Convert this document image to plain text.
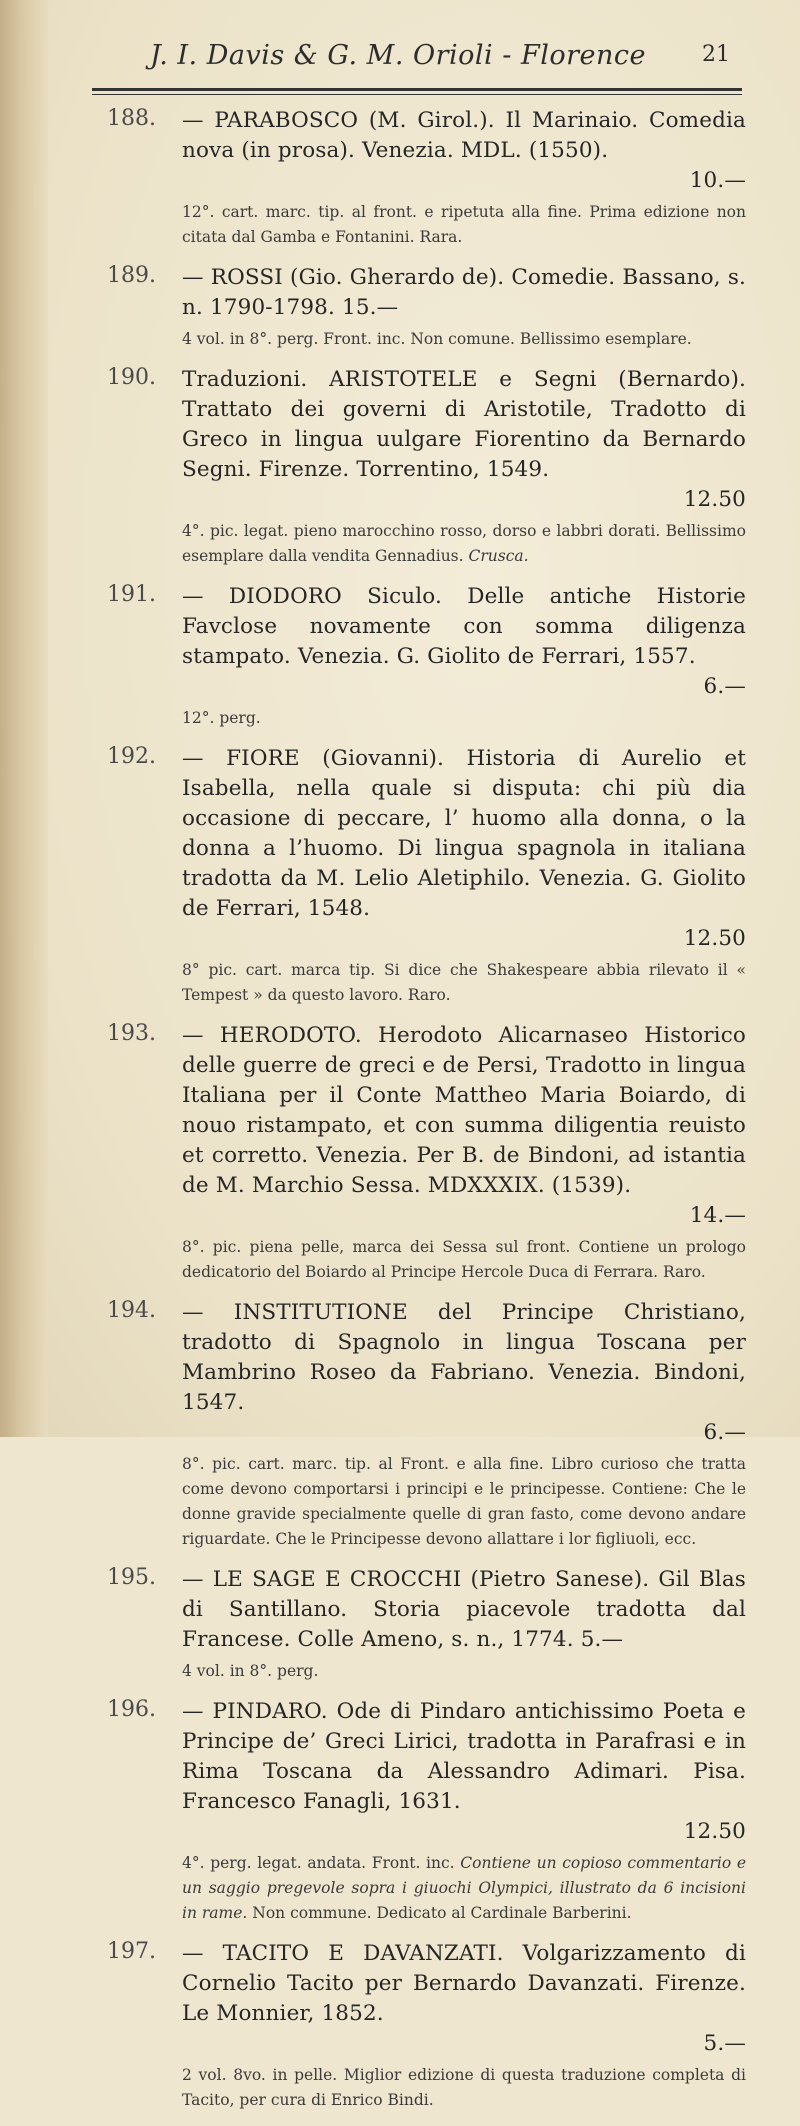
J. I. Davis & G. M. Orioli - Florence	21
188. — PARABOSCO (M. Girol.). Il Marinaio. Comedia nova (in prosa). Venezia. MDL. (1550).
10.—
12°. cart. marc. tip. al front. e ripetuta alla fine. Prima edizione non citata dal Gamba e Fontanini. Rara.
189. — ROSSI (Gio. Gherardo de). Comedie. Bassano, s. n. 1790-1798. 15.—
4 vol. in 8°. perg. Front. inc. Non comune. Bellissimo esemplare.
190. Traduzioni. ARISTOTELE e Segni (Bernardo). Trattato dei governi di Aristotile, Tradotto di Greco in lingua uulgare Fiorentino da Bernardo Segni. Firenze. Torrentino, 1549.
12.50
4°. pic. legat. pieno marocchino rosso, dorso e labbri dorati. Bellissimo esemplare dalla vendita Gennadius. Crusca.
191. — DIODORO Siculo. Delle antiche Historie Favclose novamente con somma diligenza stampato. Venezia. G. Giolito de Ferrari, 1557.
6.—
12°. perg.
192. — FIORE (Giovanni). Historia di Aurelio et Isabella, nella quale si disputa: chi più dia occasione di peccare, l’ huomo alla donna, o la donna a l’huomo. Di lingua spagnola in italiana tradotta da M. Lelio Aletiphilo. Venezia. G. Giolito de Ferrari, 1548.
12.50
8° pic. cart. marca tip. Si dice che Shakespeare abbia rilevato il « Tempest » da questo lavoro. Raro.
193. — HERODOTO. Herodoto Alicarnaseo Historico delle guerre de greci e de Persi, Tradotto in lingua Italiana per il Conte Mattheo Maria Boiardo, di nouo ristampato, et con summa diligentia reuisto et corretto. Venezia. Per B. de Bindoni, ad istantia de M. Marchio Sessa. MDXXXIX. (1539).
14.—
8°. pic. piena pelle, marca dei Sessa sul front. Contiene un prologo dedicatorio del Boiardo al Principe Hercole Duca di Ferrara. Raro.
194. — INSTITUTIONE del Principe Christiano, tradotto di Spagnolo in lingua Toscana per Mambrino Roseo da Fabriano. Venezia. Bindoni, 1547.
6.—
8°. pic. cart. marc. tip. al Front. e alla fine. Libro curioso che tratta come devono comportarsi i principi e le principesse. Contiene: Che le donne gravide specialmente quelle di gran fasto, come devono andare riguardate. Che le Principesse devono allattare i lor figliuoli, ecc.
195. — LE SAGE E CROCCHI (Pietro Sanese). Gil Blas di Santillano. Storia piacevole tradotta dal Francese. Colle Ameno, s. n., 1774. 5.—
4 vol. in 8°. perg.
196. — PINDARO. Ode di Pindaro antichissimo Poeta e Principe de’ Greci Lirici, tradotta in Parafrasi e in Rima Toscana da Alessandro Adimari. Pisa. Francesco Fanagli, 1631.
12.50
4°. perg. legat. andata. Front. inc. Contiene un copioso commentario e un saggio pregevole sopra i giuochi Olympici, illustrato da 6 incisioni in rame. Non commune. Dedicato al Cardinale Barberini.
197. — TACITO E DAVANZATI. Volgarizzamento di Cornelio Tacito per Bernardo Davanzati. Firenze. Le Monnier, 1852.
5.—
2 vol. 8vo. in pelle. Miglior edizione di questa traduzione completa di Tacito, per cura di Enrico Bindi.
